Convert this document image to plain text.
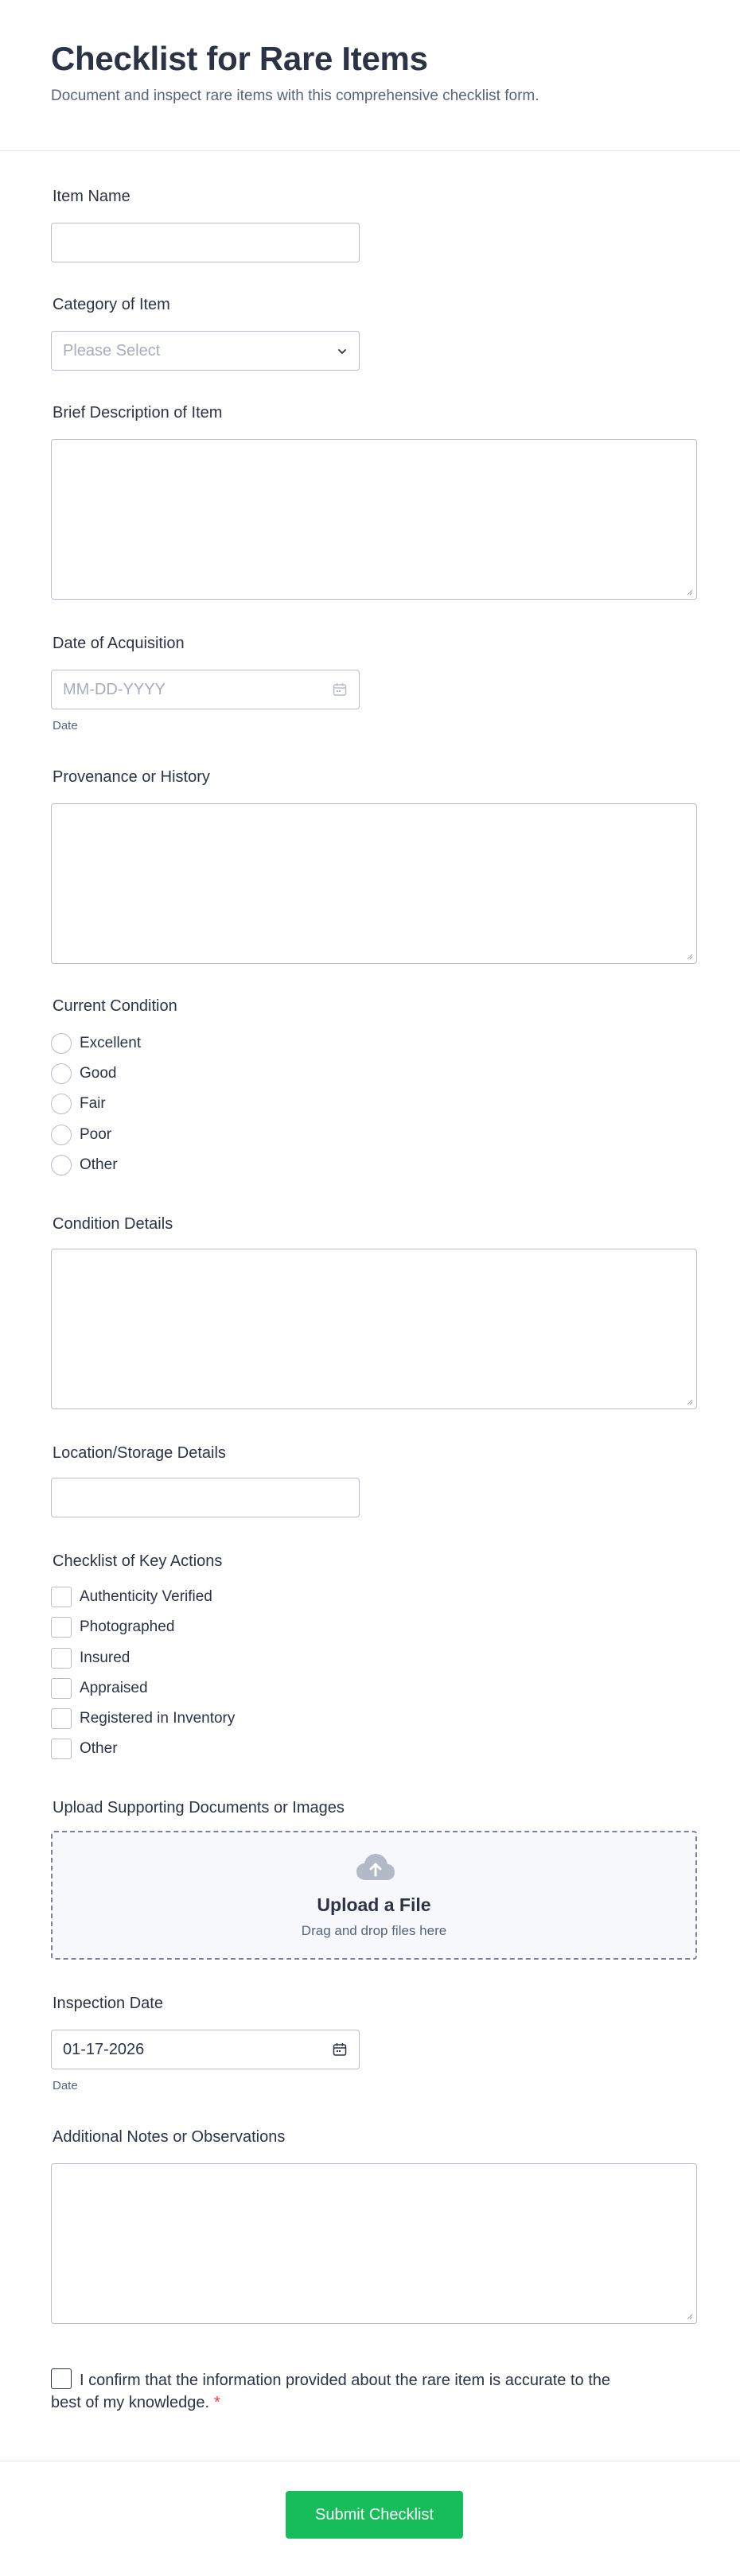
Checklist for Rare Items

Document and inspect rare items with this comprehensive checklist form.

Item Name
Category of Item
Please Select
Brief Description of Item
Date of Acquisition
MM-DD-YYYY
Date
Provenance or History
Current Condition
Excellent
Good
Fair
Poor
Other
Condition Details
Location/Storage Details
Checklist of Key Actions
Authenticity Verified
Photographed
Insured
Appraised
Registered in Inventory
Other
Upload Supporting Documents or Images
Upload a File
Drag and drop files here
Inspection Date
01-17-2026
Date
Additional Notes or Observations
I confirm that the information provided about the rare item is accurate to the best of my knowledge. *
Submit Checklist
